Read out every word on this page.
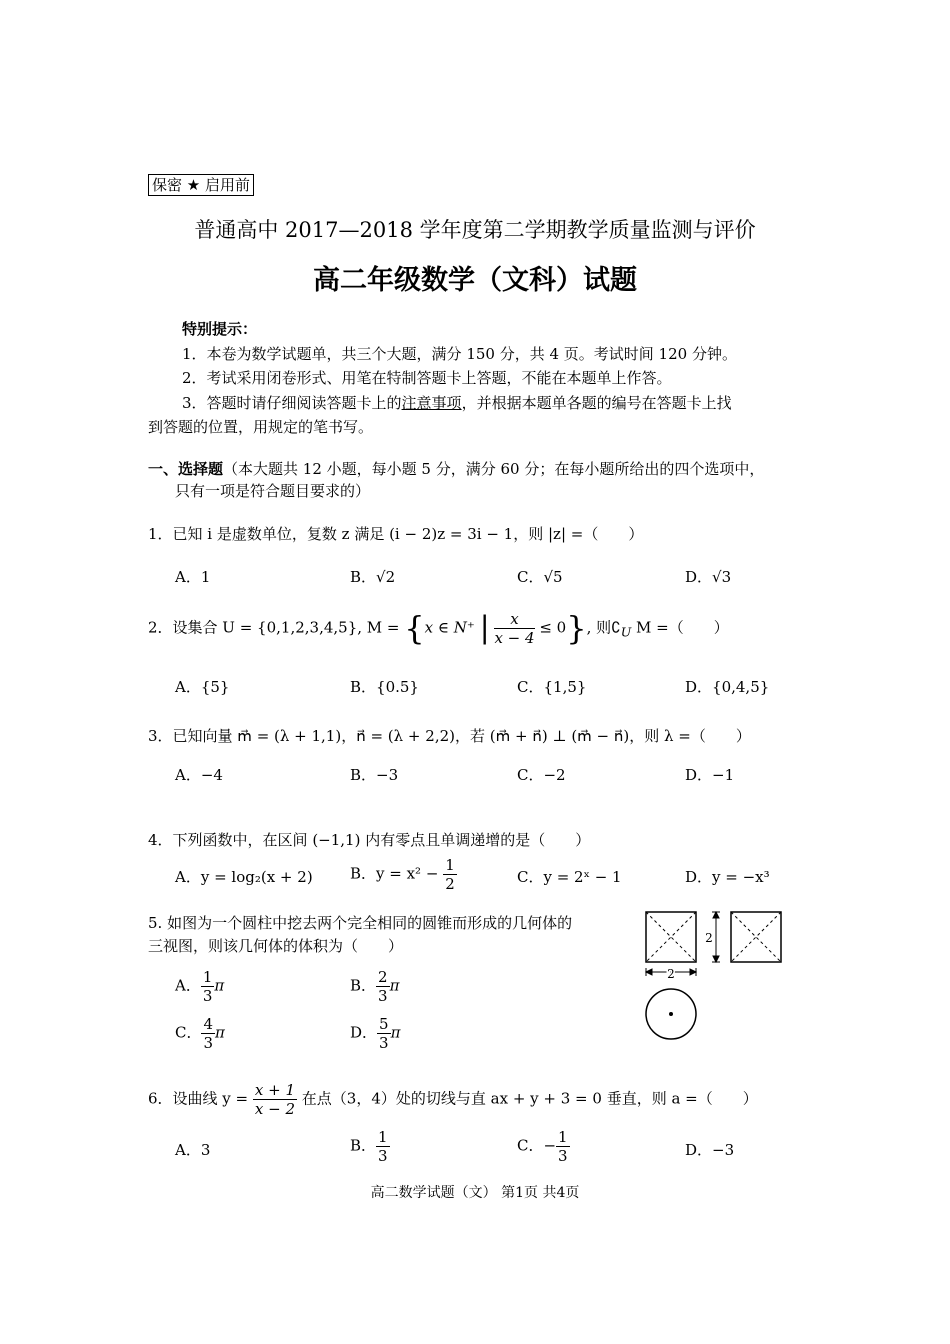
保密 ★ 启用前
普通高中 2017—2018 学年度第二学期教学质量监测与评价
高二年级数学（文科）试题
特别提示：
1．本卷为数学试题单，共三个大题，满分 150 分，共 4 页。考试时间 120 分钟。
2．考试采用闭卷形式、用笔在特制答题卡上答题，不能在本题单上作答。
3．答题时请仔细阅读答题卡上的注意事项，并根据本题单各题的编号在答题卡上找
到答题的位置，用规定的笔书写。
一、选择题（本大题共 12 小题，每小题 5 分，满分 60 分；在每小题所给出的四个选项中，
只有一项是符合题目要求的）
1．已知 i 是虚数单位，复数 z 满足 (i − 2)z = 3i − 1，则 |z| =（　　）
A．1	B．√2	C．√5	D．√3
2．设集合 U = {0,1,2,3,4,5}, M = {x ∈ N⁺ | $\frac{x}{x - 4} \le 0$}, 则$∁_U$ M =（　　）
A．{5}	B．{0.5}	C．{1,5}	D．{0,4,5}
3．已知向量 m⃗ = (λ + 1,1)，n⃗ = (λ + 2,2)，若 (m⃗ + n⃗) ⊥ (m⃗ − n⃗)，则 λ =（　　）
A．−4	B．−3	C．−2	D．−1
4．下列函数中，在区间 (−1,1) 内有零点且单调递增的是（　　）
A．y = log₂(x + 2) B．$y = x^2 - \frac{1}{2}$	C．y = 2ˣ − 1	D．y = −x³
5. 如图为一个圆柱中挖去两个完全相同的圆锥而形成的几何体的
三视图，则该几何体的体积为（　　）
A． $\frac{1}{3}$ π	B． $\frac{2}{3}$ π
C． $\frac{4}{3}$ π	D． $\frac{5}{3}$ π
2
2
6．设曲线 $y = \frac{x + 1}{x - 2}$ 在点（3，4）处的切线与直 ax + y + 3 = 0 垂直，则 a =（　　）
A．3	B． $\frac{1}{3}$	C．− $\frac{1}{3}$	D．−3
高二数学试题（文） 第1页 共4页
